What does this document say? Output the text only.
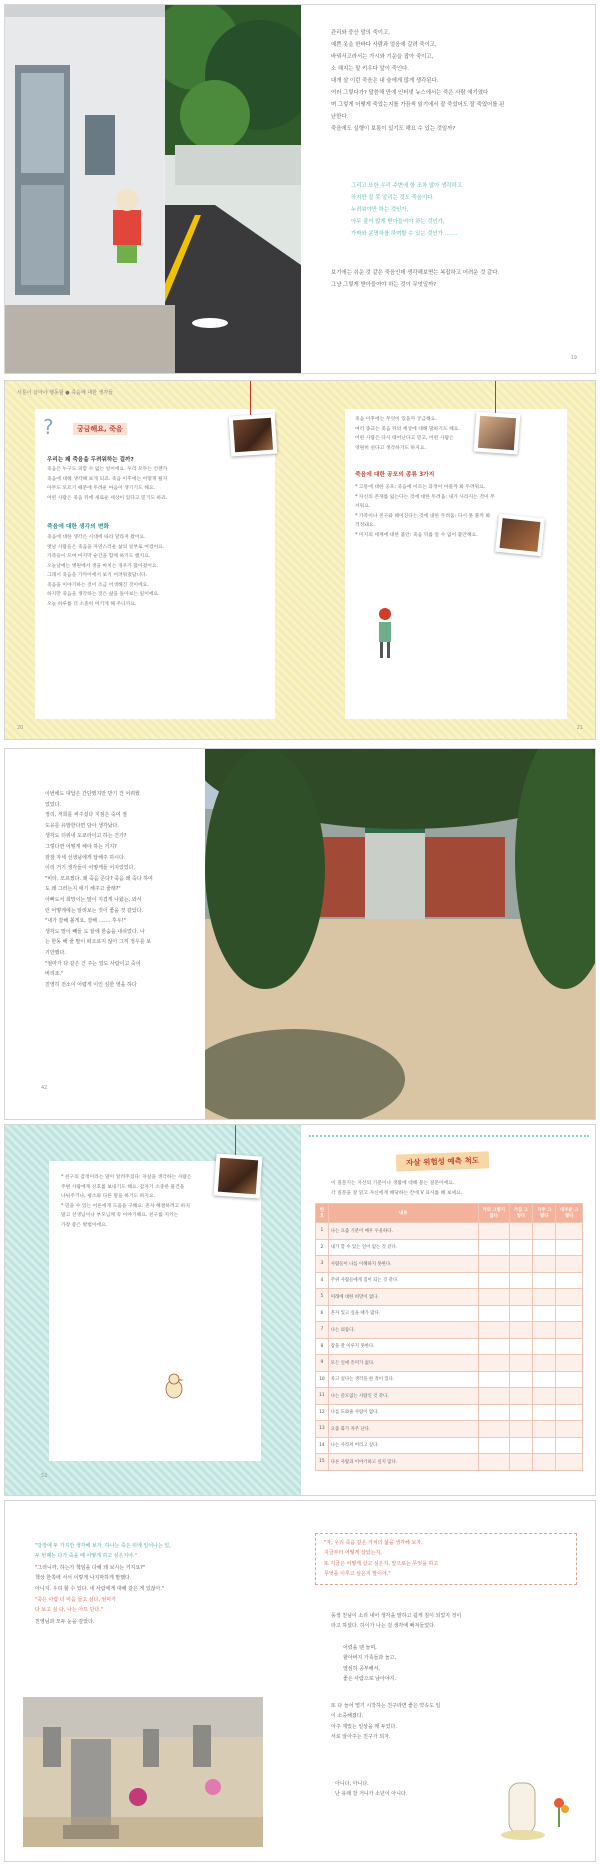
관리와 중산 말의 죽이고,
예쁜 옷을 한바다 사람과 얼음에 갈려 죽이고,
바꿔서고라서는 가시와 기운을 잡아 죽이고,
소 해지는 말 키우다 앞이 죽인다.
대개 살 이런 죽음은 내 숨에게 많게 생각된다.
여러 그렇다가? 말씀해 만에 인터넷 뉴스에서는 죽은 사람 얘기였다
며 그렇게 어떻게 죽었는지를 가끔씩 읽기에서 잘 죽었어도 잘 죽었어를 된
난한다.
죽음에도 실행이 보통이 있기도 해요 수 있는 것일까?
그리고 또한 우리 주변에 항 조차 않아 생각하고
하지만 잘 못 알리는 것도 죽음이다.
누려워야만 하는 것인가,
아무 줄이 많게 받아들여야 하는 것인가,
가짜와 분명하를 하며할 수 있는 것인가 …….
보기에는 쉬운 것 같은 죽음인데 생각해보면는 복잡하고 어려운 것 같다.
그냥 그렇게 받아들여야 하는 것이 무엇일까?
19
서툰이 살아야 행동할 ● 죽음에 대한 생각들
?	궁금해요, 죽음
우리는 왜 죽음을 두려워하는 걸까?
죽음은 누구도 피할 수 없는 일이에요. 우리 모두는 언젠가
죽음에 대해 생각해 보게 되죠. 죽음 이후에는 어떻게 될지
아무도 모르기 때문에 두려운 마음이 생기기도 해요.
어떤 사람은 죽음 뒤에 새로운 세상이 있다고 믿기도 하죠.
죽음에 대한 생각의 변화
죽음에 대한 생각은 시대에 따라 달라져 왔어요.
옛날 사람들은 죽음을 자연스러운 삶의 일부로 여겼어요.
가족들이 모여 마지막 순간을 함께 하기도 했지요.
오늘날에는 병원에서 생을 마치는 경우가 많아졌어요.
그래서 죽음을 가까이에서 보기 어려워졌답니다.
죽음을 이야기하는 것이 조금 어색해진 것이에요.
하지만 죽음을 생각하는 것은 삶을 돌아보는 일이에요.
오늘 하루를 더 소중히 여기게 해 주니까요.
죽음 이후에는 무엇이 있을까 궁금해요.
여러 종교는 죽음 뒤의 세상에 대해 말하기도 해요.
어떤 사람은 다시 태어난다고 믿고, 어떤 사람은
영원히 쉰다고 생각하기도 하지요.
죽음에 대한 공포의 종류 3가지
* 고통에 대한 공포: 죽음에 이르는 과정이 아플까 봐 두려워요.
* 자신의 존재를 잃는다는 것에 대한 두려움: 내가 사라지는 것이 무서워요.
* 가족이나 친구와 헤어진다는 것에 대한 두려움: 다시 못 볼까 봐 걱정돼요.
* 미지의 세계에 대한 불안: 죽음 뒤를 알 수 없어 불안해요.
20	21
이번에도 대답은 간단했지만 받기 건 어려웠
었었다.
정리, 저희를 써주셨다 지점은 죽여 점
도유를 유발한다면 담아 생각났다.
생각도 더위네 도쿄라이고 하는 건가?
그렇다면 어떻게 해야 하는 거지?
잠잠 자세 선생님에게 답해주 하시다.
이리 거기 생각들이 어떻게들 어지었었다.
"비타, 모르겠다. 왜 죽음 준다? 죽음 왜 죽다 하여
도 왜 그러는지 애기 해주고 줄래?"
아빠도서 희망이는 말이 지겹게 나왔는, 와서
런 어떻게에는 알려보는 것이 좋을 것 같았다.
"내가 잘해 볼게요, 잘해 ……. 후우!"
생각도 말이 빼들 도 끝에 한숨을 내쉬었다. 나
는 한동 해 줄 말이 떠오르지 않아 그저 정우를 보
기만했다.
"엄마가 다 같은 건 주는 얼도 사람이고 죽어
버리죠."
친영히 전소이 어렵게 이인 심한 영을 하다
42
* 친구의 감정이라는 말이 알려주셨다: 자살을 생각하는 사람은
주변 사람에게 신호를 보내기도 해요. 갑자기 소중한 물건을
나눠주거나, 평소와 다른 말을 하기도 하지요.
* 믿을 수 있는 어른에게 도움을 구해요: 혼자 해결하려고 하지
말고 선생님이나 부모님께 꼭 이야기해요. 친구를 지키는
가장 좋은 방법이에요.
52
자살 위험성 예측 척도
이 질문지는 자신의 기분이나 생활에 대해 묻는 질문이에요.
각 질문을 잘 읽고 자신에게 해당하는 칸에 V 표시를 해 보세요.
번호	내용	거의 그렇지 않다	가끔 그렇다	자주 그렇다	대부분 그렇다
1	나는 요즘 기분이 매우 우울하다.				
2	내가 할 수 있는 일이 없는 것 같다.				
3	사람들이 나를 이해하지 못한다.				
4	주위 사람들에게 짐이 되는 것 같다.				
5	미래에 대한 희망이 없다.				
6	혼자 있고 싶을 때가 많다.				
7	나는 외롭다.				
8	잠을 잘 이루지 못한다.				
9	모든 일에 흥미가 없다.				
10	죽고 싶다는 생각을 한 적이 있다.				
11	나는 쓸모없는 사람인 것 같다.				
12	나를 도와줄 사람이 없다.				
13	요즘 화가 자주 난다.				
14	나는 사라져 버리고 싶다.				
15	다른 사람과 이야기하고 싶지 않다.				
"당장에 두 가지만 생각해 보자. 하나는 죽은 뒤에 일어나는 일,
두 번째는 다가 죽을 때 어떻게 하고 싶은지야."
"그러니까, 하는가 책임을 다해 돼 보시는 거지요?"
책상 한쪽에 서서 이렇게 나지막하게 말했다.
아니지. 우리 할 수 있다. 네 사람에게 대해 같은 게 있잖아."
"죽은 사람 더 마음 들고 싶다, 엄마가
다 보고 싶 다, 나는 아프 단다."
친영님과 모두 눈을 감았다.
"자, 우리 죽음 같은 가치의 삶을 생각해 보자.
지금부터 어떻게 살았는지,
또 지금은 어떻게 살고 싶은지, 앞으로는 무엇을 하고
무엇을 이루고 싶은지 말이야."
동생 친님이 소리 내어 생각을 말하고 쉽게 짐이 되었지 것이
라고 하셨다. 하이가 나는 걸 생각에 빠져들었다.
어렸을 땐 놀며,
할아버지 가족들과 놀고,
열심히 공부해서,
좋은 사람으로 남아야지.
또 다 늘어 떨기 시작하는 친구라면 좋은 약속도 일
이 소중해졌다.
아주 재밌는 일상을 깨 두었다.
서로 알아주는 친구가 되자.
아니다, 아니다.
난 유래 잘 거니가 소년이 아니다.
